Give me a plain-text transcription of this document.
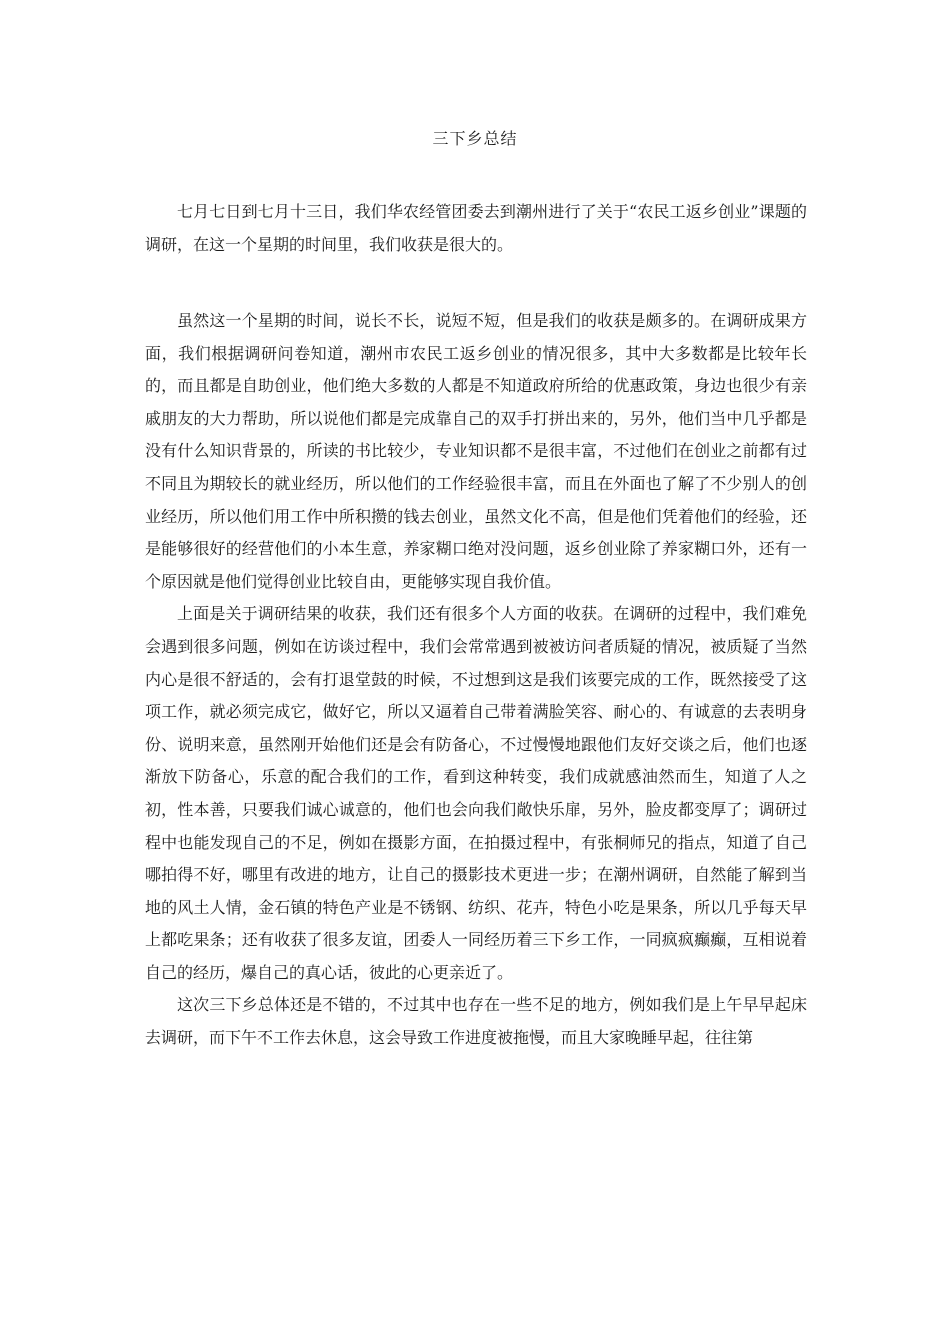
三下乡总结

七月七日到七月十三日，我们华农经管团委去到潮州进行了关于“农民工返乡创业”课题的调研，在这一个星期的时间里，我们收获是很大的。

虽然这一个星期的时间，说长不长，说短不短，但是我们的收获是颇多的。在调研成果方面，我们根据调研问卷知道，潮州市农民工返乡创业的情况很多，其中大多数都是比较年长的，而且都是自助创业，他们绝大多数的人都是不知道政府所给的优惠政策，身边也很少有亲戚朋友的大力帮助，所以说他们都是完成靠自己的双手打拼出来的，另外，他们当中几乎都是没有什么知识背景的，所读的书比较少，专业知识都不是很丰富，不过他们在创业之前都有过不同且为期较长的就业经历，所以他们的工作经验很丰富，而且在外面也了解了不少别人的创业经历，所以他们用工作中所积攒的钱去创业，虽然文化不高，但是他们凭着他们的经验，还是能够很好的经营他们的小本生意，养家糊口绝对没问题，返乡创业除了养家糊口外，还有一个原因就是他们觉得创业比较自由，更能够实现自我价值。

上面是关于调研结果的收获，我们还有很多个人方面的收获。在调研的过程中，我们难免会遇到很多问题，例如在访谈过程中，我们会常常遇到被被访问者质疑的情况，被质疑了当然内心是很不舒适的，会有打退堂鼓的时候，不过想到这是我们该要完成的工作，既然接受了这项工作，就必须完成它，做好它，所以又逼着自己带着满脸笑容、耐心的、有诚意的去表明身份、说明来意，虽然刚开始他们还是会有防备心，不过慢慢地跟他们友好交谈之后，他们也逐渐放下防备心，乐意的配合我们的工作，看到这种转变，我们成就感油然而生，知道了人之初，性本善，只要我们诚心诚意的，他们也会向我们敞快乐扉，另外，脸皮都变厚了；调研过程中也能发现自己的不足，例如在摄影方面，在拍摄过程中，有张桐师兄的指点，知道了自己哪拍得不好，哪里有改进的地方，让自己的摄影技术更进一步；在潮州调研，自然能了解到当地的风土人情，金石镇的特色产业是不锈钢、纺织、花卉，特色小吃是果条，所以几乎每天早上都吃果条；还有收获了很多友谊，团委人一同经历着三下乡工作，一同疯疯癫癫，互相说着自己的经历，爆自己的真心话，彼此的心更亲近了。

这次三下乡总体还是不错的，不过其中也存在一些不足的地方，例如我们是上午早早起床去调研，而下午不工作去休息，这会导致工作进度被拖慢，而且大家晚睡早起，往往第
